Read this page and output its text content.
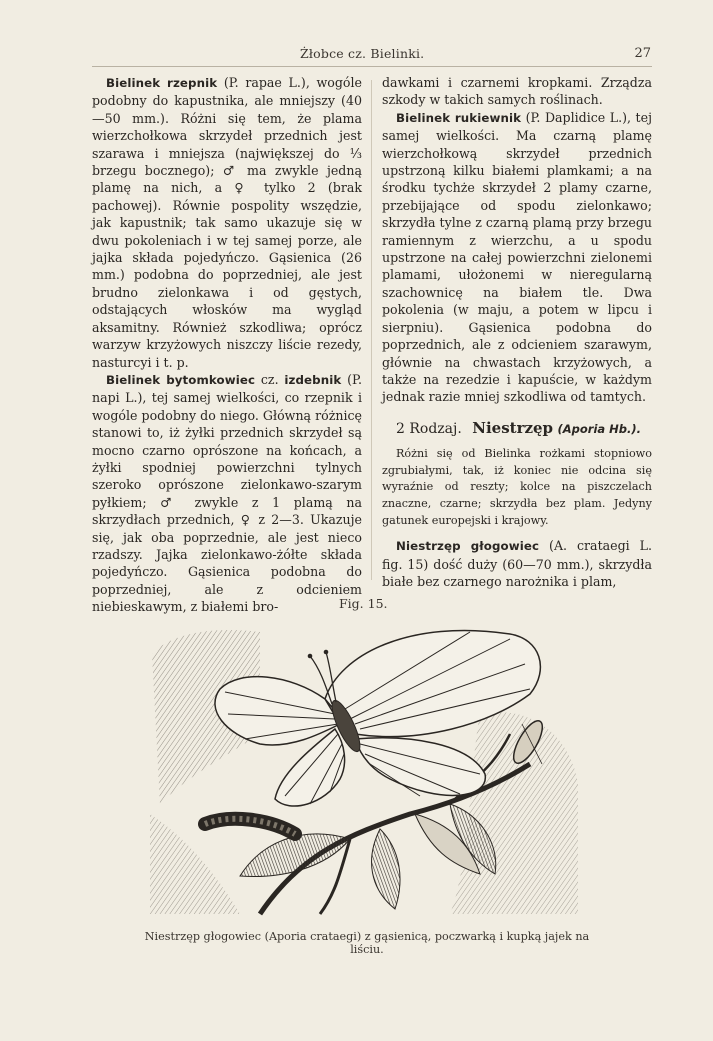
Żłobce cz. Bielinki.	27

Bielinek rzepnik (P. rapae L.), wogóle podobny do kapustnika, ale mniejszy (40—50 mm.). Różni się tem, że plama wierzchołkowa skrzydeł przednich jest szarawa i mniejsza (największej do ⅓ brzegu bocznego); ♂ ma zwykle jedną plamę na nich, a ♀ tylko 2 (brak pachowej). Równie pospolity wszędzie, jak kapustnik; tak samo ukazuje się w dwu pokoleniach i w tej samej porze, ale jajka składa pojedyńczo. Gąsienica (26 mm.) podobna do poprzedniej, ale jest brudno zielonkawa i od gęstych, odstających włosków ma wygląd aksamitny. Również szkodliwa; oprócz warzyw krzyżowych niszczy liście rezedy, nasturcyi i t. p.

Bielinek bytomkowiec cz. izdebnik (P. napi L.), tej samej wielkości, co rzepnik i wogóle podobny do niego. Główną różnicę stanowi to, iż żyłki przednich skrzydeł są mocno czarno oprószone na końcach, a żyłki spodniej powierzchni tylnych szeroko oprószone zielonkawo-szarym pyłkiem; ♂ zwykle z 1 plamą na skrzydłach przednich, ♀ z 2—3. Ukazuje się, jak oba poprzednie, ale jest nieco rzadszy. Jajka zielonkawo-żółte składa pojedyńczo. Gąsienica podobna do poprzedniej, ale z odcieniem niebieskawym, z białemi bro-

dawkami i czarnemi kropkami. Zrządza szkody w takich samych roślinach.

Bielinek rukiewnik (P. Daplidice L.), tej samej wielkości. Ma czarną plamę wierzchołkową skrzydeł przednich upstrzoną kilku białemi plamkami; a na środku tychże skrzydeł 2 plamy czarne, przebijające od spodu zielonkawo; skrzydła tylne z czarną plamą przy brzegu ramiennym z wierzchu, a u spodu upstrzone na całej powierzchni zielonemi plamami, ułożonemi w nieregularną szachownicę na białem tle. Dwa pokolenia (w maju, a potem w lipcu i sierpniu). Gąsienica podobna do poprzednich, ale z odcieniem szarawym, głównie na chwastach krzyżowych, a także na rezedzie i kapuście, w każdym jednak razie mniej szkodliwa od tamtych.

2 Rodzaj. Niestrzęp (Aporia Hb.).

Różni się od Bielinka rożkami stopniowo zgrubiałymi, tak, iż koniec nie odcina się wyraźnie od reszty; kolce na piszczelach znaczne, czarne; skrzydła bez plam. Jedyny gatunek europejski i krajowy.

Niestrzęp głogowiec (A. crataegi L. fig. 15) dość duży (60—70 mm.), skrzydła białe bez czarnego narożnika i plam,

Fig. 15.
Niestrzęp głogowiec (Aporia crataegi) z gąsienicą, poczwarką i kupką jajek na liściu.
